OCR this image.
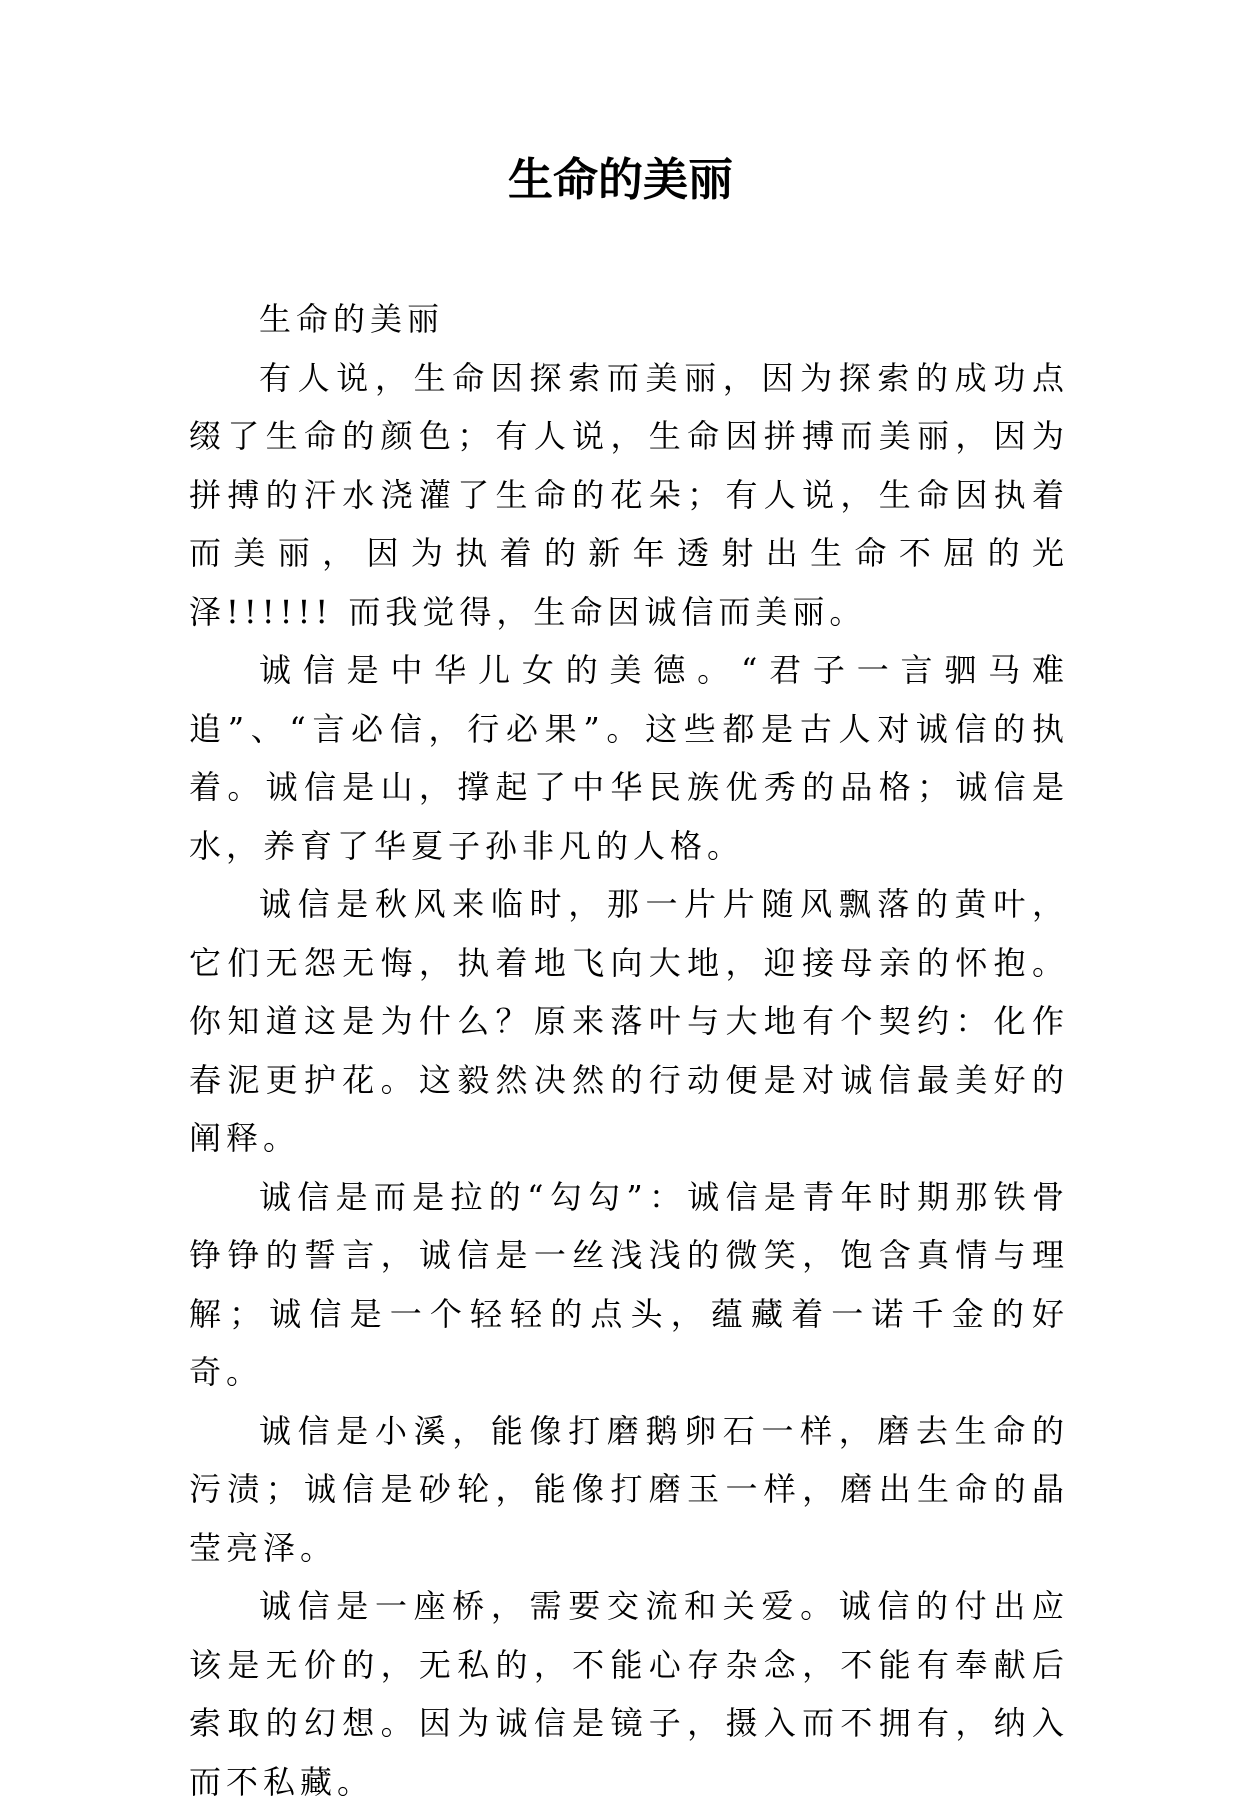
生命的美丽

生命的美丽

有人说，生命因探索而美丽，因为探索的成功点缀了生命的颜色；有人说，生命因拼搏而美丽，因为拼搏的汗水浇灌了生命的花朵；有人说，生命因执着而美丽，因为执着的新年透射出生命不屈的光泽!!!!!! 而我觉得，生命因诚信而美丽。

诚信是中华儿女的美德。“君子一言驷马难追”、“言必信，行必果”。这些都是古人对诚信的执着。诚信是山，撑起了中华民族优秀的品格；诚信是水，养育了华夏子孙非凡的人格。

诚信是秋风来临时，那一片片随风飘落的黄叶，它们无怨无悔，执着地飞向大地，迎接母亲的怀抱。你知道这是为什么？原来落叶与大地有个契约：化作春泥更护花。这毅然决然的行动便是对诚信最美好的阐释。

诚信是而是拉的“勾勾”：诚信是青年时期那铁骨铮铮的誓言，诚信是一丝浅浅的微笑，饱含真情与理解；诚信是一个轻轻的点头，蕴藏着一诺千金的好奇。

诚信是小溪，能像打磨鹅卵石一样，磨去生命的污渍；诚信是砂轮，能像打磨玉一样，磨出生命的晶莹亮泽。

诚信是一座桥，需要交流和关爱。诚信的付出应该是无价的，无私的，不能心存杂念，不能有奉献后索取的幻想。因为诚信是镜子，摄入而不拥有，纳入而不私藏。
